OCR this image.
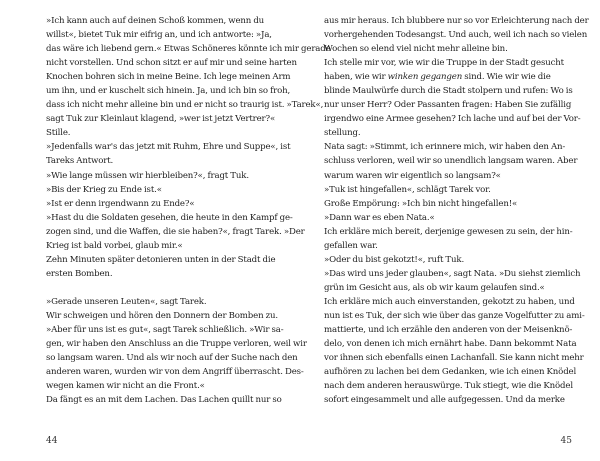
»Ich kann auch auf deinen Schoß kommen, wenn du
willst«, bietet Tuk mir eifrig an, und ich antworte: »Ja,
das wäre ich liebend gern.« Etwas Schöneres könnte ich mir gerade
nicht vorstellen. Und schon sitzt er auf mir und seine harten
Knochen bohren sich in meine Beine. Ich lege meinen Arm
um ihn, und er kuschelt sich hinein. Ja, und ich bin so froh,
dass ich nicht mehr alleine bin und er nicht so traurig ist. »Tarek«,
sagt Tuk zur Kleinlaut klagend, »wer ist jetzt Vertrer?«
Stille.
»Jedenfalls war's das jetzt mit Ruhm, Ehre und Suppe«, ist
Tareks Antwort.
»Wie lange müssen wir hierbleiben?«, fragt Tuk.
»Bis der Krieg zu Ende ist.«
»Ist er denn irgendwann zu Ende?«
»Hast du die Soldaten gesehen, die heute in den Kampf ge-
zogen sind, und die Waffen, die sie haben?«, fragt Tarek. »Der
Krieg ist bald vorbei, glaub mir.«
Zehn Minuten später detonieren unten in der Stadt die
ersten Bomben.
»Gerade unseren Leuten«, sagt Tarek.
Wir schweigen und hören den Donnern der Bomben zu.
»Aber für uns ist es gut«, sagt Tarek schließlich. »Wir sa-
gen, wir haben den Anschluss an die Truppe verloren, weil wir
so langsam waren. Und als wir noch auf der Suche nach den
anderen waren, wurden wir von dem Angriff überrascht. Des-
wegen kamen wir nicht an die Front.«
Da fängt es an mit dem Lachen. Das Lachen quillt nur so
aus mir heraus. Ich blubbere nur so vor Erleichterung nach der
vorhergehenden Todesangst. Und auch, weil ich nach so vielen
Wochen so elend viel nicht mehr alleine bin.
Ich stelle mir vor, wie wir die Truppe in der Stadt gesucht
haben, wie wir winken gegangen sind. Wie wir wie die
blinde Maulwürfe durch die Stadt stolpern und rufen: Wo is
nur unser Herr? Oder Passanten fragen: Haben Sie zufällig
irgendwo eine Armee gesehen? Ich lache und auf bei der Vor-
stellung.
Nata sagt: »Stimmt, ich erinnere mich, wir haben den An-
schluss verloren, weil wir so unendlich langsam waren. Aber
warum waren wir eigentlich so langsam?«
»Tuk ist hingefallen«, schlägt Tarek vor.
Große Empörung: »Ich bin nicht hingefallen!«
»Dann war es eben Nata.«
Ich erkläre mich bereit, derjenige gewesen zu sein, der hin-
gefallen war.
»Oder du bist gekotzt!«, ruft Tuk.
»Das wird uns jeder glauben«, sagt Nata. »Du siehst ziemlich
grün im Gesicht aus, als ob wir kaum gelaufen sind.«
Ich erkläre mich auch einverstanden, gekotzt zu haben, und
nun ist es Tuk, der sich wie über das ganze Vogelfutter zu ami-
mattierte, und ich erzähle den anderen von der Meisenknö-
delo, von denen ich mich ernährt habe. Dann bekommt Nata
vor ihnen sich ebenfalls einen Lachanfall. Sie kann nicht mehr
aufhören zu lachen bei dem Gedanken, wie ich einen Knödel
nach dem anderen herauswürge. Tuk stiegt, wie die Knödel
sofort eingesammelt und alle aufgegessen. Und da merke
44	45
